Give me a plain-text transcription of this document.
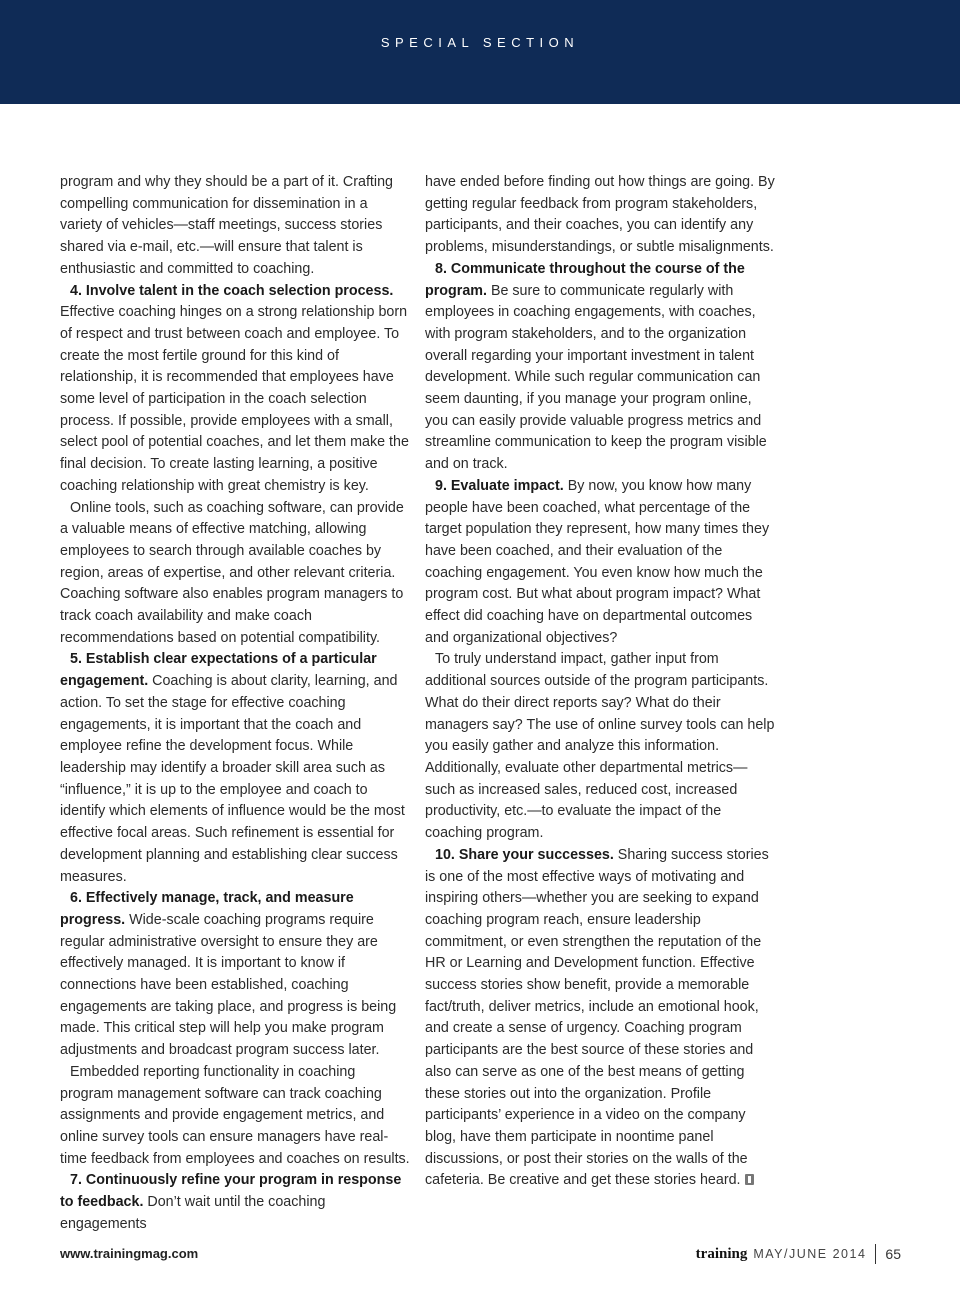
SPECIAL SECTION

program and why they should be a part of it. Crafting compelling communication for dissemination in a variety of vehicles—staff meetings, success stories shared via e-mail, etc.—will ensure that talent is enthusiastic and committed to coaching.

4. Involve talent in the coach selection process. Effective coaching hinges on a strong relationship born of respect and trust between coach and employee. To create the most fertile ground for this kind of relationship, it is recommended that employees have some level of participation in the coach selection process. If possible, provide employees with a small, select pool of potential coaches, and let them make the final decision. To create lasting learning, a positive coaching relationship with great chemistry is key.

Online tools, such as coaching software, can provide a valuable means of effective matching, allowing employees to search through available coaches by region, areas of expertise, and other relevant criteria. Coaching software also enables program managers to track coach availability and make coach recommendations based on potential compatibility.

5. Establish clear expectations of a particular engagement. Coaching is about clarity, learning, and action. To set the stage for effective coaching engagements, it is important that the coach and employee refine the development focus. While leadership may identify a broader skill area such as “influence,” it is up to the employee and coach to identify which elements of influence would be the most effective focal areas. Such refinement is essential for development planning and establishing clear success measures.

6. Effectively manage, track, and measure progress. Wide-scale coaching programs require regular administrative oversight to ensure they are effectively managed. It is important to know if connections have been established, coaching engagements are taking place, and progress is being made. This critical step will help you make program adjustments and broadcast program success later.

Embedded reporting functionality in coaching program management software can track coaching assignments and provide engagement metrics, and online survey tools can ensure managers have real-time feedback from employees and coaches on results.

7. Continuously refine your program in response to feedback. Don’t wait until the coaching engagements

have ended before finding out how things are going. By getting regular feedback from program stakeholders, participants, and their coaches, you can identify any problems, misunderstandings, or subtle misalignments.

8. Communicate throughout the course of the program. Be sure to communicate regularly with employees in coaching engagements, with coaches, with program stakeholders, and to the organization overall regarding your important investment in talent development. While such regular communication can seem daunting, if you manage your program online, you can easily provide valuable progress metrics and streamline communication to keep the program visible and on track.

9. Evaluate impact. By now, you know how many people have been coached, what percentage of the target population they represent, how many times they have been coached, and their evaluation of the coaching engagement. You even know how much the program cost. But what about program impact? What effect did coaching have on departmental outcomes and organizational objectives?

To truly understand impact, gather input from additional sources outside of the program participants. What do their direct reports say? What do their managers say? The use of online survey tools can help you easily gather and analyze this information. Additionally, evaluate other departmental metrics—such as increased sales, reduced cost, increased productivity, etc.—to evaluate the impact of the coaching program.

10. Share your successes. Sharing success stories is one of the most effective ways of motivating and inspiring others—whether you are seeking to expand coaching program reach, ensure leadership commitment, or even strengthen the reputation of the HR or Learning and Development function. Effective success stories show benefit, provide a memorable fact/truth, deliver metrics, include an emotional hook, and create a sense of urgency. Coaching program participants are the best source of these stories and also can serve as one of the best means of getting these stories out into the organization. Profile participants’ experience in a video on the company blog, have them participate in noontime panel discussions, or post their stories on the walls of the cafeteria. Be creative and get these stories heard.

www.trainingmag.com	training MAY/JUNE 2014 65
